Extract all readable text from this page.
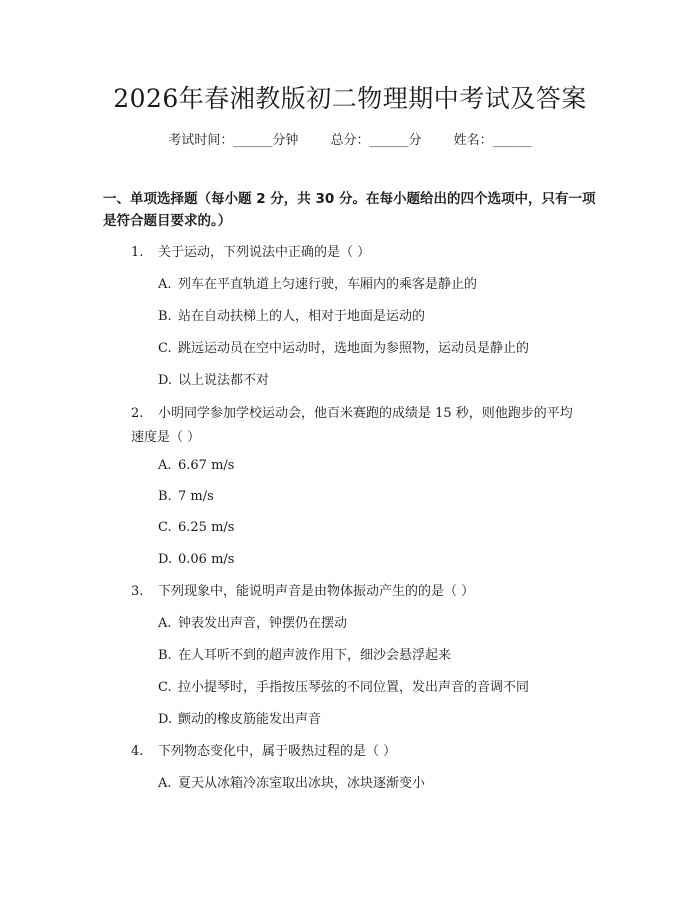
2026年春湘教版初二物理期中考试及答案
考试时间：______分钟 总分：______分 姓名：______
一、单项选择题（每小题 2 分，共 30 分。在每小题给出的四个选项中，只有一项
是符合题目要求的。）
1. 关于运动，下列说法中正确的是（ ）
A. 列车在平直轨道上匀速行驶，车厢内的乘客是静止的
B. 站在自动扶梯上的人，相对于地面是运动的
C. 跳远运动员在空中运动时，选地面为参照物，运动员是静止的
D. 以上说法都不对
2. 小明同学参加学校运动会，他百米赛跑的成绩是 15 秒，则他跑步的平均
速度是（ ）
A. 6.67 m/s
B. 7 m/s
C. 6.25 m/s
D. 0.06 m/s
3. 下列现象中，能说明声音是由物体振动产生的的是（ ）
A. 钟表发出声音，钟摆仍在摆动
B. 在人耳听不到的超声波作用下，细沙会悬浮起来
C. 拉小提琴时，手指按压琴弦的不同位置，发出声音的音调不同
D. 颤动的橡皮筋能发出声音
4. 下列物态变化中，属于吸热过程的是（ ）
A. 夏天从冰箱冷冻室取出冰块，冰块逐渐变小
